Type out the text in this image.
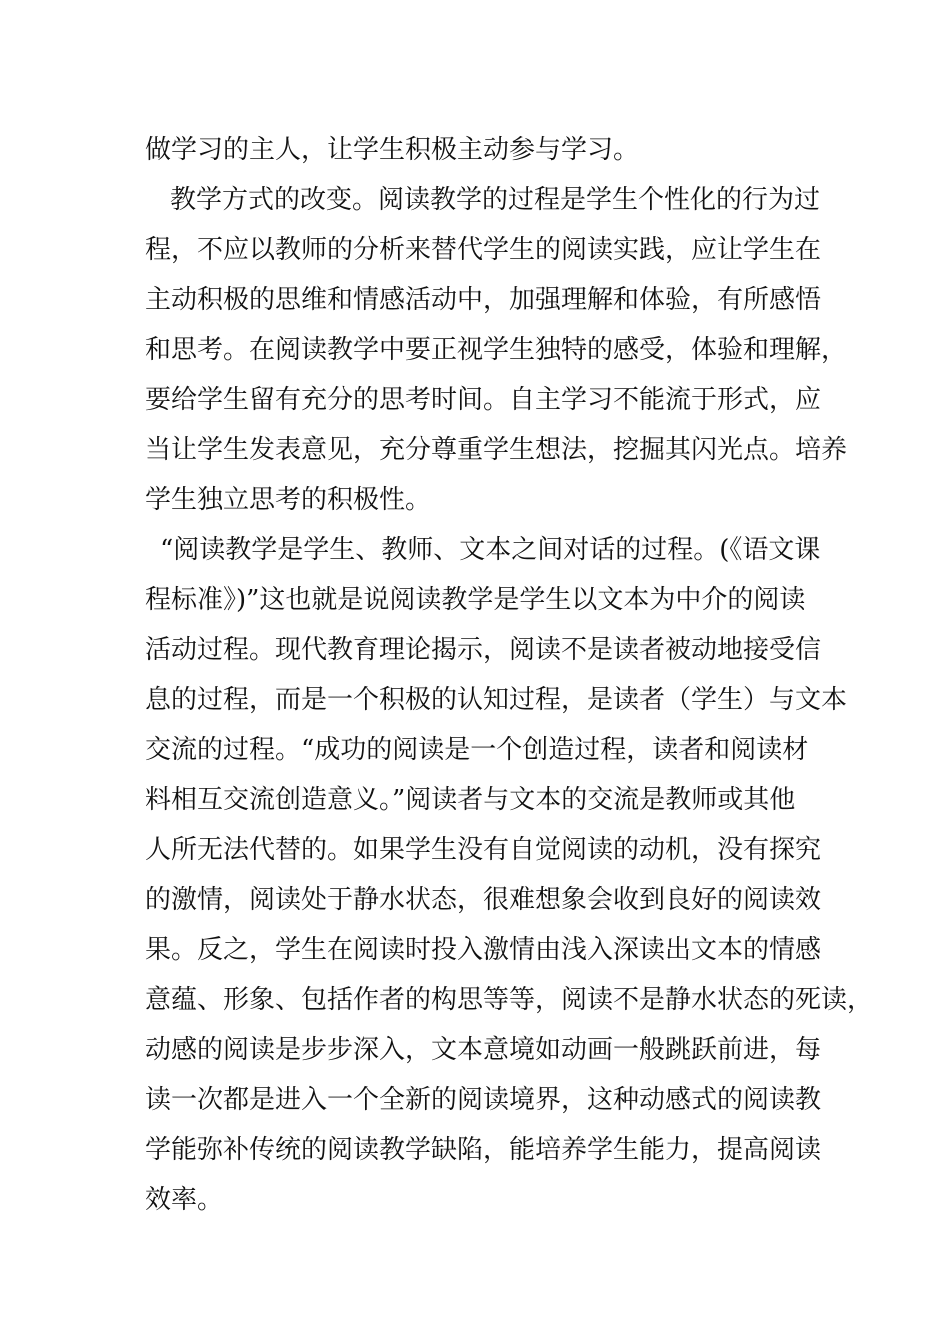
做学习的主人，让学生积极主动参与学习。
教学方式的改变。阅读教学的过程是学生个性化的行为过
程，不应以教师的分析来替代学生的阅读实践，应让学生在
主动积极的思维和情感活动中，加强理解和体验，有所感悟
和思考。在阅读教学中要正视学生独特的感受，体验和理解，
要给学生留有充分的思考时间。自主学习不能流于形式，应
当让学生发表意见，充分尊重学生想法，挖掘其闪光点。培养
学生独立思考的积极性。
“阅读教学是学生、教师、文本之间对话的过程。(《语文课
程标准》)”这也就是说阅读教学是学生以文本为中介的阅读
活动过程。现代教育理论揭示，阅读不是读者被动地接受信
息的过程，而是一个积极的认知过程，是读者（学生）与文本
交流的过程。“成功的阅读是一个创造过程，读者和阅读材
料相互交流创造意义。”阅读者与文本的交流是教师或其他
人所无法代替的。如果学生没有自觉阅读的动机，没有探究
的激情，阅读处于静水状态，很难想象会收到良好的阅读效
果。反之，学生在阅读时投入激情由浅入深读出文本的情感
意蕴、形象、包括作者的构思等等，阅读不是静水状态的死读，
动感的阅读是步步深入，文本意境如动画一般跳跃前进，每
读一次都是进入一个全新的阅读境界，这种动感式的阅读教
学能弥补传统的阅读教学缺陷，能培养学生能力，提高阅读
效率。
